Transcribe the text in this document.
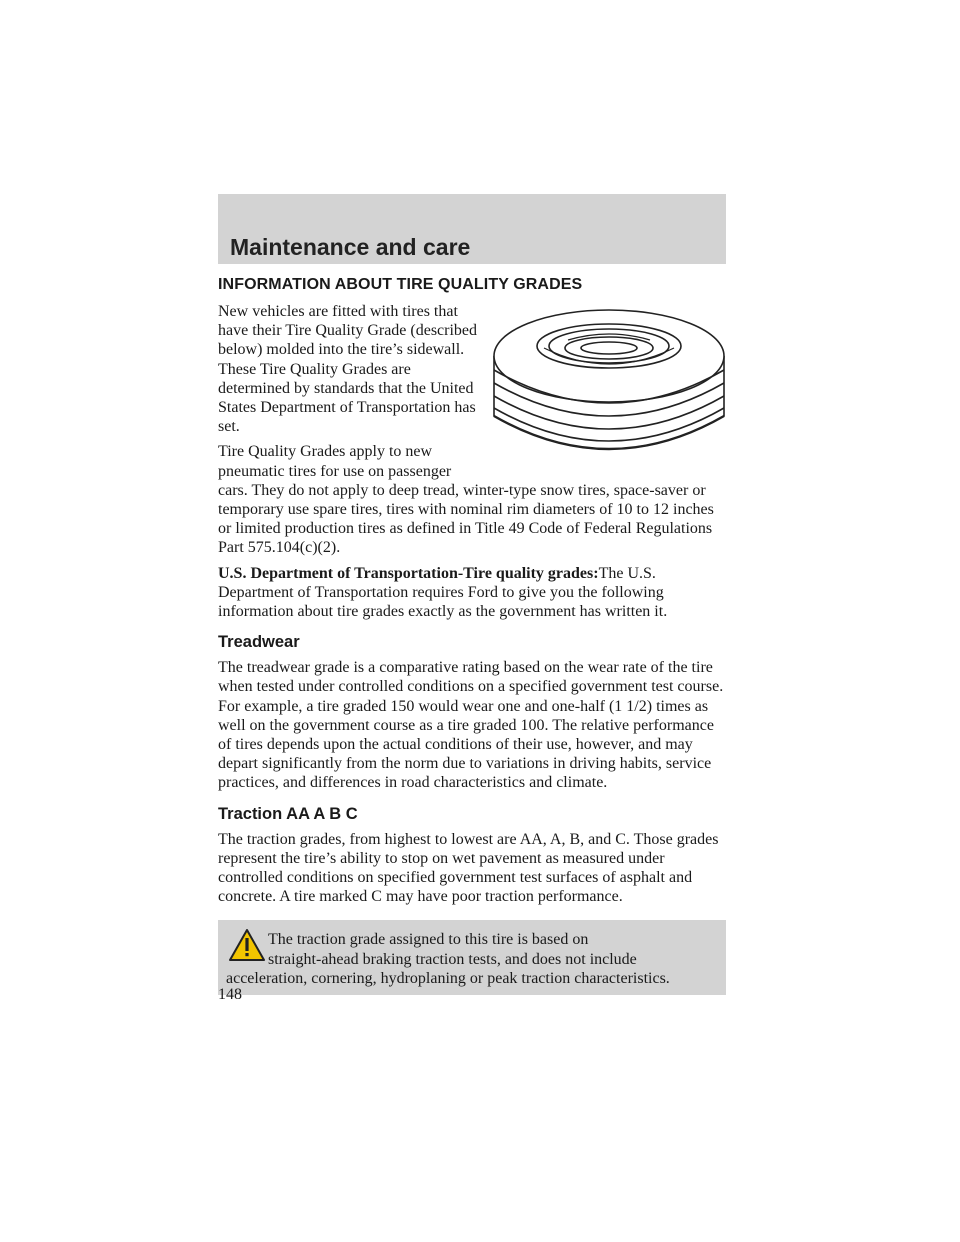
Maintenance and care
INFORMATION ABOUT TIRE QUALITY GRADES

New vehicles are fitted with tires that have their Tire Quality Grade (described below) molded into the tire’s sidewall. These Tire Quality Grades are determined by standards that the United States Department of Transportation has set.

Tire Quality Grades apply to new pneumatic tires for use on passenger cars. They do not apply to deep tread, winter-type snow tires, space-saver or temporary use spare tires, tires with nominal rim diameters of 10 to 12 inches or limited production tires as defined in Title 49 Code of Federal Regulations Part 575.104(c)(2).

U.S. Department of Transportation-Tire quality grades:The U.S. Department of Transportation requires Ford to give you the following information about tire grades exactly as the government has written it.

Treadwear

The treadwear grade is a comparative rating based on the wear rate of the tire when tested under controlled conditions on a specified government test course. For example, a tire graded 150 would wear one and one-half (1 1/2) times as well on the government course as a tire graded 100. The relative performance of tires depends upon the actual conditions of their use, however, and may depart significantly from the norm due to variations in driving habits, service practices, and differences in road characteristics and climate.

Traction AA A B C

The traction grades, from highest to lowest are AA, A, B, and C. Those grades represent the tire’s ability to stop on wet pavement as measured under controlled conditions on specified government test surfaces of asphalt and concrete. A tire marked C may have poor traction performance.

The traction grade assigned to this tire is based on

straight-ahead braking traction tests, and does not include acceleration, cornering, hydroplaning or peak traction characteristics.

148
